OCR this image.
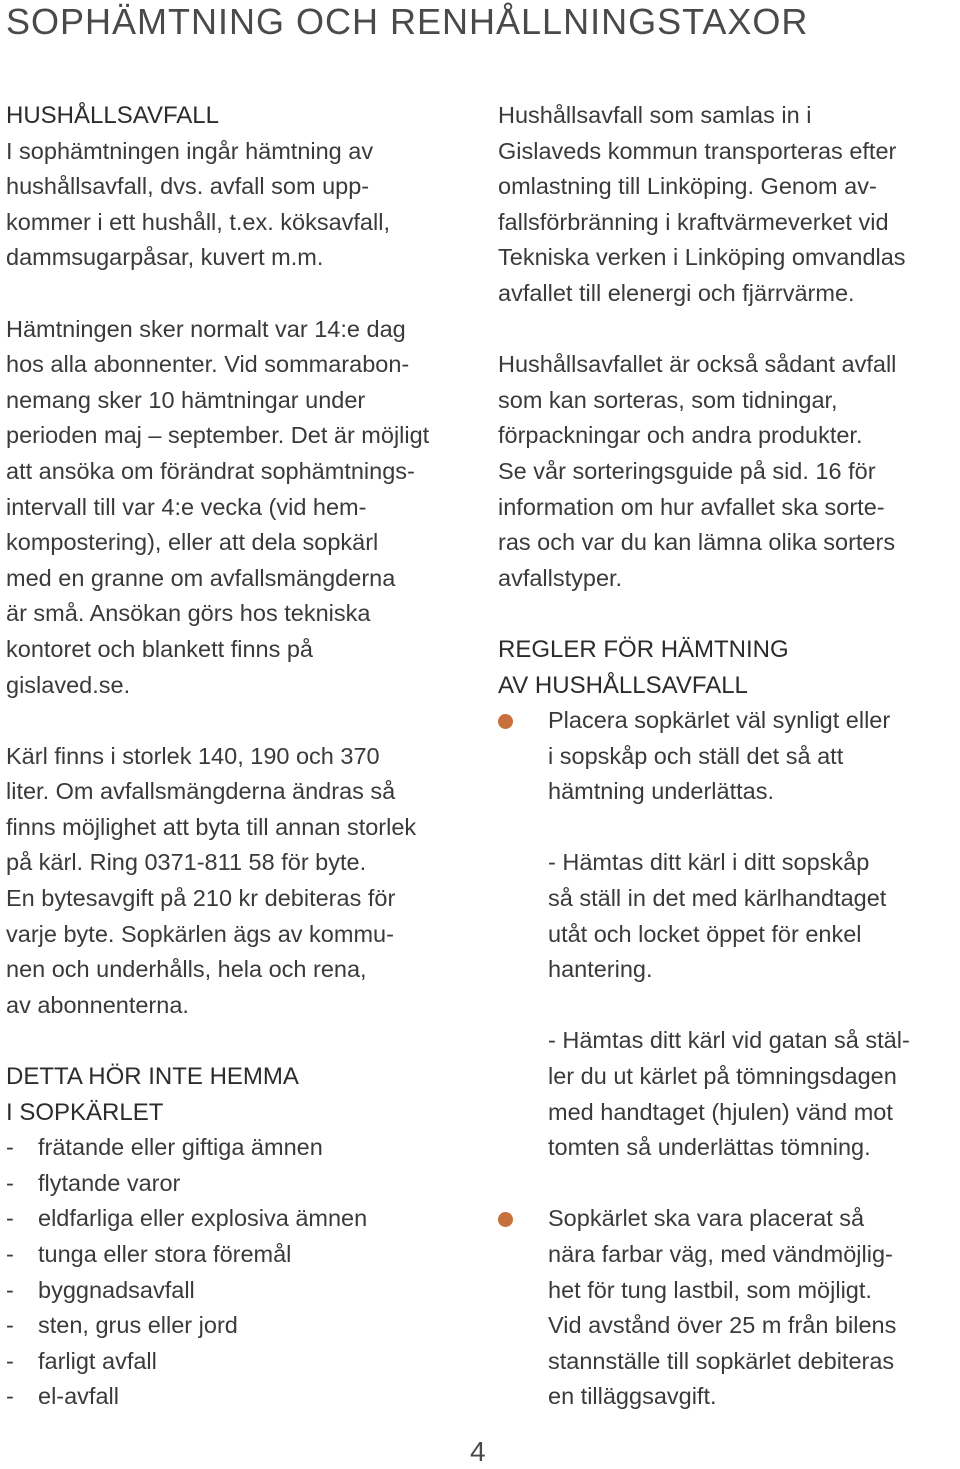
SOPHÄMTNING OCH RENHÅLLNINGSTAXOR
HUSHÅLLSAVFALL
I sophämtningen ingår hämtning av
hushållsavfall, dvs. avfall som upp-
kommer i ett hushåll, t.ex. köksavfall,
dammsugarpåsar, kuvert m.m.
Hämtningen sker normalt var 14:e dag
hos alla abonnenter. Vid sommarabon-
nemang sker 10 hämtningar under
perioden maj – september. Det är möjligt
att ansöka om förändrat sophämtnings-
intervall till var 4:e vecka (vid hem-
kompostering), eller att dela sopkärl
med en granne om avfallsmängderna
är små. Ansökan görs hos tekniska
kontoret och blankett finns på
gislaved.se.
Kärl finns i storlek 140, 190 och 370
liter. Om avfallsmängderna ändras så
finns möjlighet att byta till annan storlek
på kärl. Ring 0371-811 58 för byte.
En bytesavgift på 210 kr debiteras för
varje byte. Sopkärlen ägs av kommu-
nen och underhålls, hela och rena,
av abonnenterna.
DETTA HÖR INTE HEMMA
I SOPKÄRLET
- frätande eller giftiga ämnen
- flytande varor
- eldfarliga eller explosiva ämnen
- tunga eller stora föremål
- byggnadsavfall
- sten, grus eller jord
- farligt avfall
- el-avfall
Hushållsavfall som samlas in i
Gislaveds kommun transporteras efter
omlastning till Linköping. Genom av-
fallsförbränning i kraftvärmeverket vid
Tekniska verken i Linköping omvandlas
avfallet till elenergi och fjärrvärme.
Hushållsavfallet är också sådant avfall
som kan sorteras, som tidningar,
förpackningar och andra produkter.
Se vår sorteringsguide på sid. 16 för
information om hur avfallet ska sorte-
ras och var du kan lämna olika sorters
avfallstyper.
REGLER FÖR HÄMTNING
AV HUSHÅLLSAVFALL
Placera sopkärlet väl synligt eller
i sopskåp och ställ det så att
hämtning underlättas.
- Hämtas ditt kärl i ditt sopskåp
så ställ in det med kärlhandtaget
utåt och locket öppet för enkel
hantering.
- Hämtas ditt kärl vid gatan så stäl-
ler du ut kärlet på tömningsdagen
med handtaget (hjulen) vänd mot
tomten så underlättas tömning.
Sopkärlet ska vara placerat så
nära farbar väg, med vändmöjlig-
het för tung lastbil, som möjligt.
Vid avstånd över 25 m från bilens
stannställe till sopkärlet debiteras
en tilläggsavgift.
4
